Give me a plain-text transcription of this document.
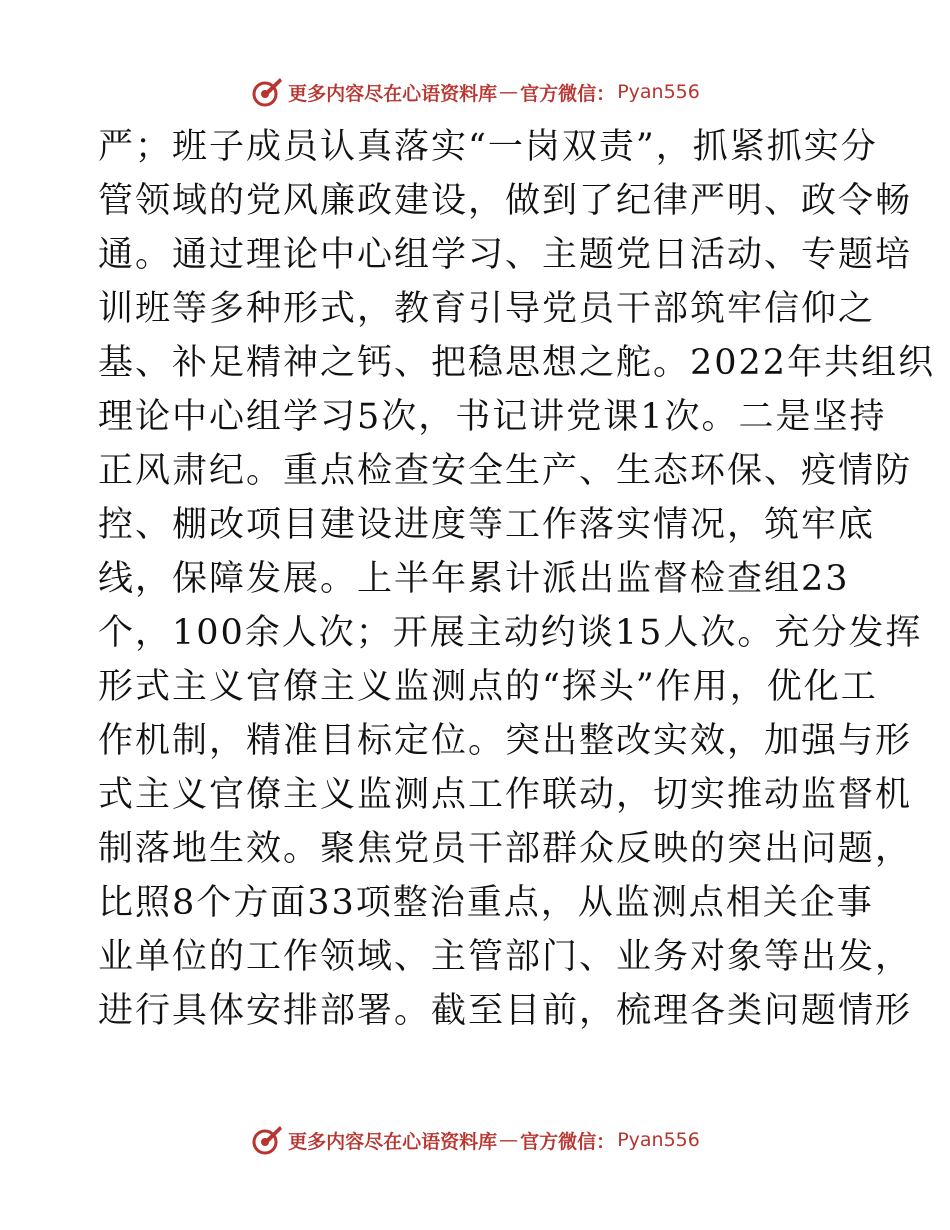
更多内容尽在心语资料库 — 官方微信： Pyan556
严；班子成员认真落实“一岗双责”，抓紧抓实分
管领域的党风廉政建设，做到了纪律严明、政令畅
通。通过理论中心组学习、主题党日活动、专题培
训班等多种形式，教育引导党员干部筑牢信仰之
基、补足精神之钙、把稳思想之舵。2022年共组织
理论中心组学习5次，书记讲党课1次。二是坚持
正风肃纪。重点检查安全生产、生态环保、疫情防
控、棚改项目建设进度等工作落实情况，筑牢底
线，保障发展。上半年累计派出监督检查组23
个，100余人次；开展主动约谈15人次。充分发挥
形式主义官僚主义监测点的“探头”作用，优化工
作机制，精准目标定位。突出整改实效，加强与形
式主义官僚主义监测点工作联动，切实推动监督机
制落地生效。聚焦党员干部群众反映的突出问题，
比照8个方面33项整治重点，从监测点相关企事
业单位的工作领域、主管部门、业务对象等出发，
进行具体安排部署。截至目前，梳理各类问题情形
更多内容尽在心语资料库 — 官方微信： Pyan556
